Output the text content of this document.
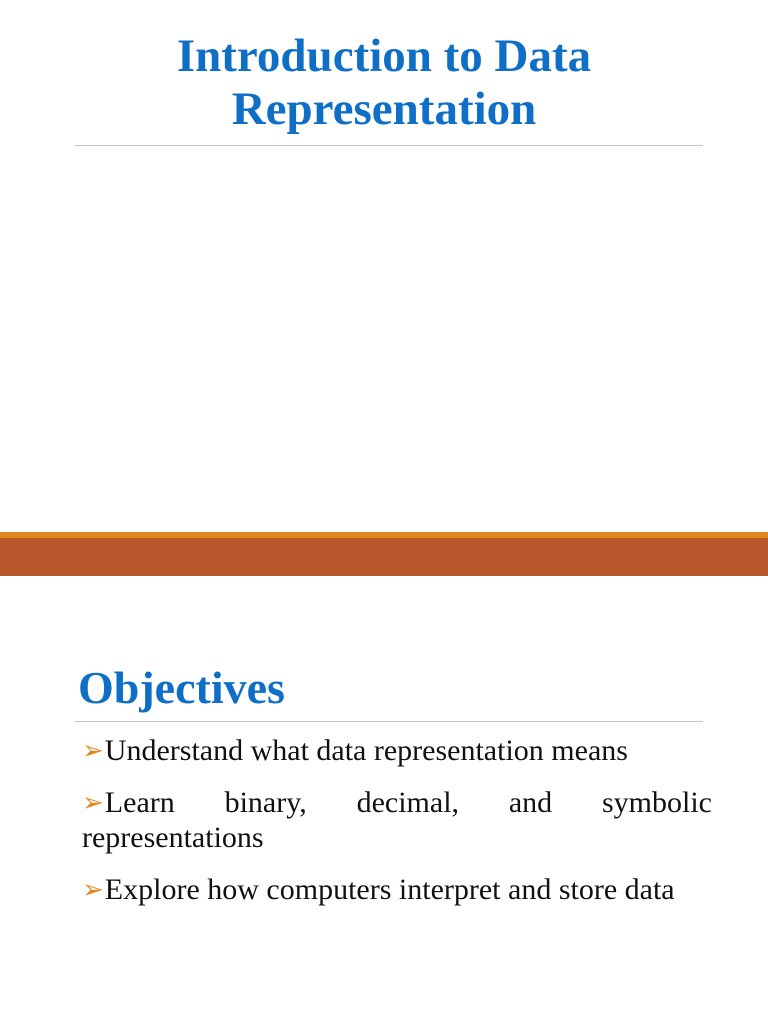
Introduction to Data
Representation
Objectives
➢Understand what data representation means
➢Learn binary, decimal, and symbolic representations
➢Explore how computers interpret and store data
